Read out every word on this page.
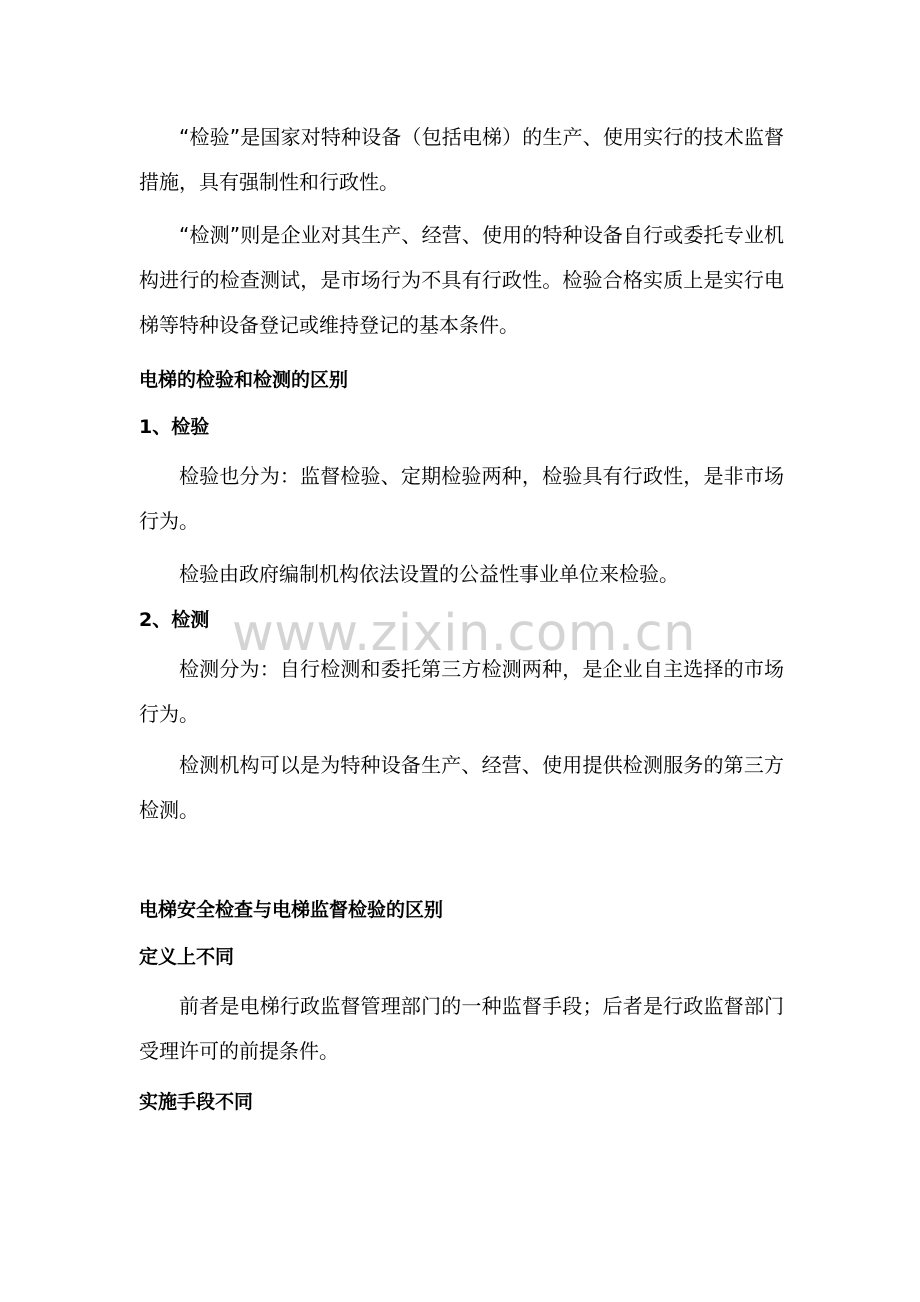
“检验”是国家对特种设备（包括电梯）的生产、使用实行的技术监督措施，具有强制性和行政性。

“检测”则是企业对其生产、经营、使用的特种设备自行或委托专业机构进行的检查测试，是市场行为不具有行政性。检验合格实质上是实行电梯等特种设备登记或维持登记的基本条件。

电梯的检验和检测的区别
1、检验

检验也分为：监督检验、定期检验两种，检验具有行政性，是非市场行为。

检验由政府编制机构依法设置的公益性事业单位来检验。

2、检测

检测分为：自行检测和委托第三方检测两种，是企业自主选择的市场行为。

检测机构可以是为特种设备生产、经营、使用提供检测服务的第三方检测。

电梯安全检查与电梯监督检验的区别
定义上不同

前者是电梯行政监督管理部门的一种监督手段；后者是行政监督部门受理许可的前提条件。

实施手段不同
www.zixin.com.cn
